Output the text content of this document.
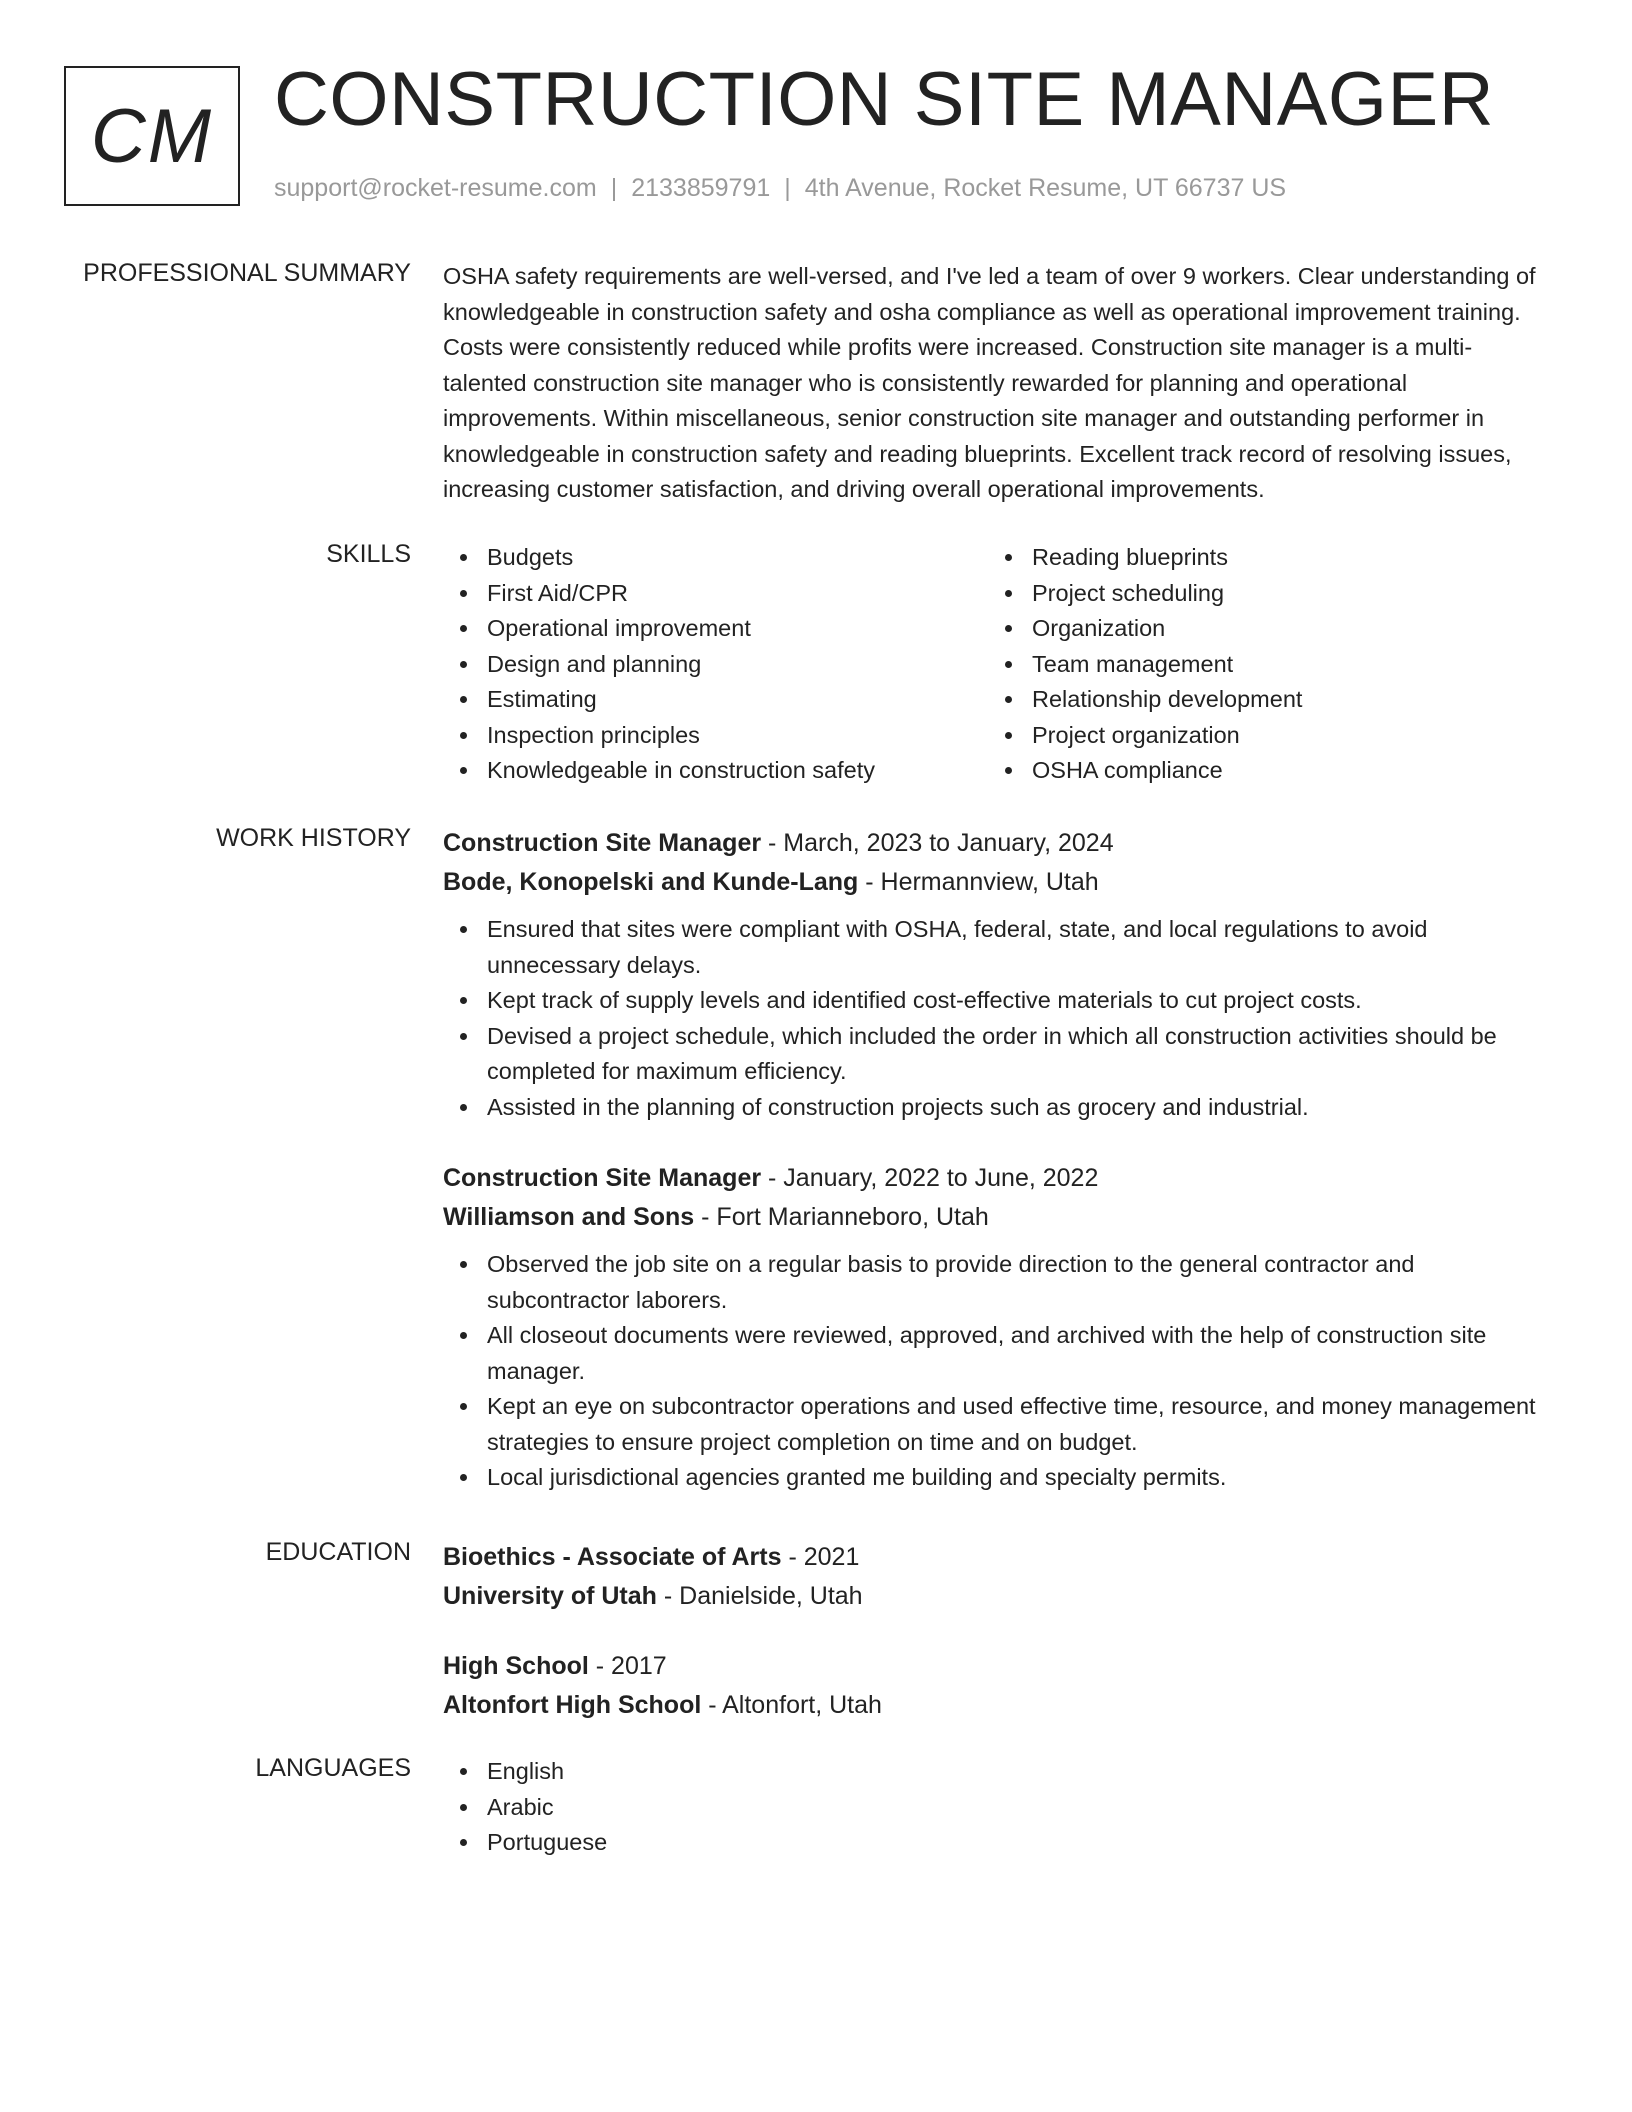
CM CONSTRUCTION SITE MANAGER
support@rocket-resume.com | 2133859791 | 4th Avenue, Rocket Resume, UT 66737 US
PROFESSIONAL SUMMARY OSHA safety requirements are well-versed, and I've led a team of over 9 workers. Clear understanding of knowledgeable in construction safety and osha compliance as well as operational improvement training. Costs were consistently reduced while profits were increased. Construction site manager is a multi-talented construction site manager who is consistently rewarded for planning and operational improvements. Within miscellaneous, senior construction site manager and outstanding performer in knowledgeable in construction safety and reading blueprints. Excellent track record of resolving issues, increasing customer satisfaction, and driving overall operational improvements.

SKILLS	Budgets
First Aid/CPR
Operational improvement
Design and planning
Estimating
Inspection principles
Knowledgeable in construction safety
Reading blueprints
Project scheduling
Organization
Team management
Relationship development
Project organization
OSHA compliance
WORK HISTORY Construction Site Manager - March, 2023 to January, 2024
Bode, Konopelski and Kunde-Lang - Hermannview, Utah
Ensured that sites were compliant with OSHA, federal, state, and local regulations to avoid unnecessary delays.
Kept track of supply levels and identified cost-effective materials to cut project costs.
Devised a project schedule, which included the order in which all construction activities should be completed for maximum efficiency.
Assisted in the planning of construction projects such as grocery and industrial.
Construction Site Manager - January, 2022 to June, 2022
Williamson and Sons - Fort Marianneboro, Utah
Observed the job site on a regular basis to provide direction to the general contractor and subcontractor laborers.
All closeout documents were reviewed, approved, and archived with the help of construction site manager.
Kept an eye on subcontractor operations and used effective time, resource, and money management strategies to ensure project completion on time and on budget.
Local jurisdictional agencies granted me building and specialty permits.
EDUCATION Bioethics - Associate of Arts - 2021
University of Utah - Danielside, Utah
High School - 2017
Altonfort High School - Altonfort, Utah
LANGUAGES	English
Arabic
Portuguese
